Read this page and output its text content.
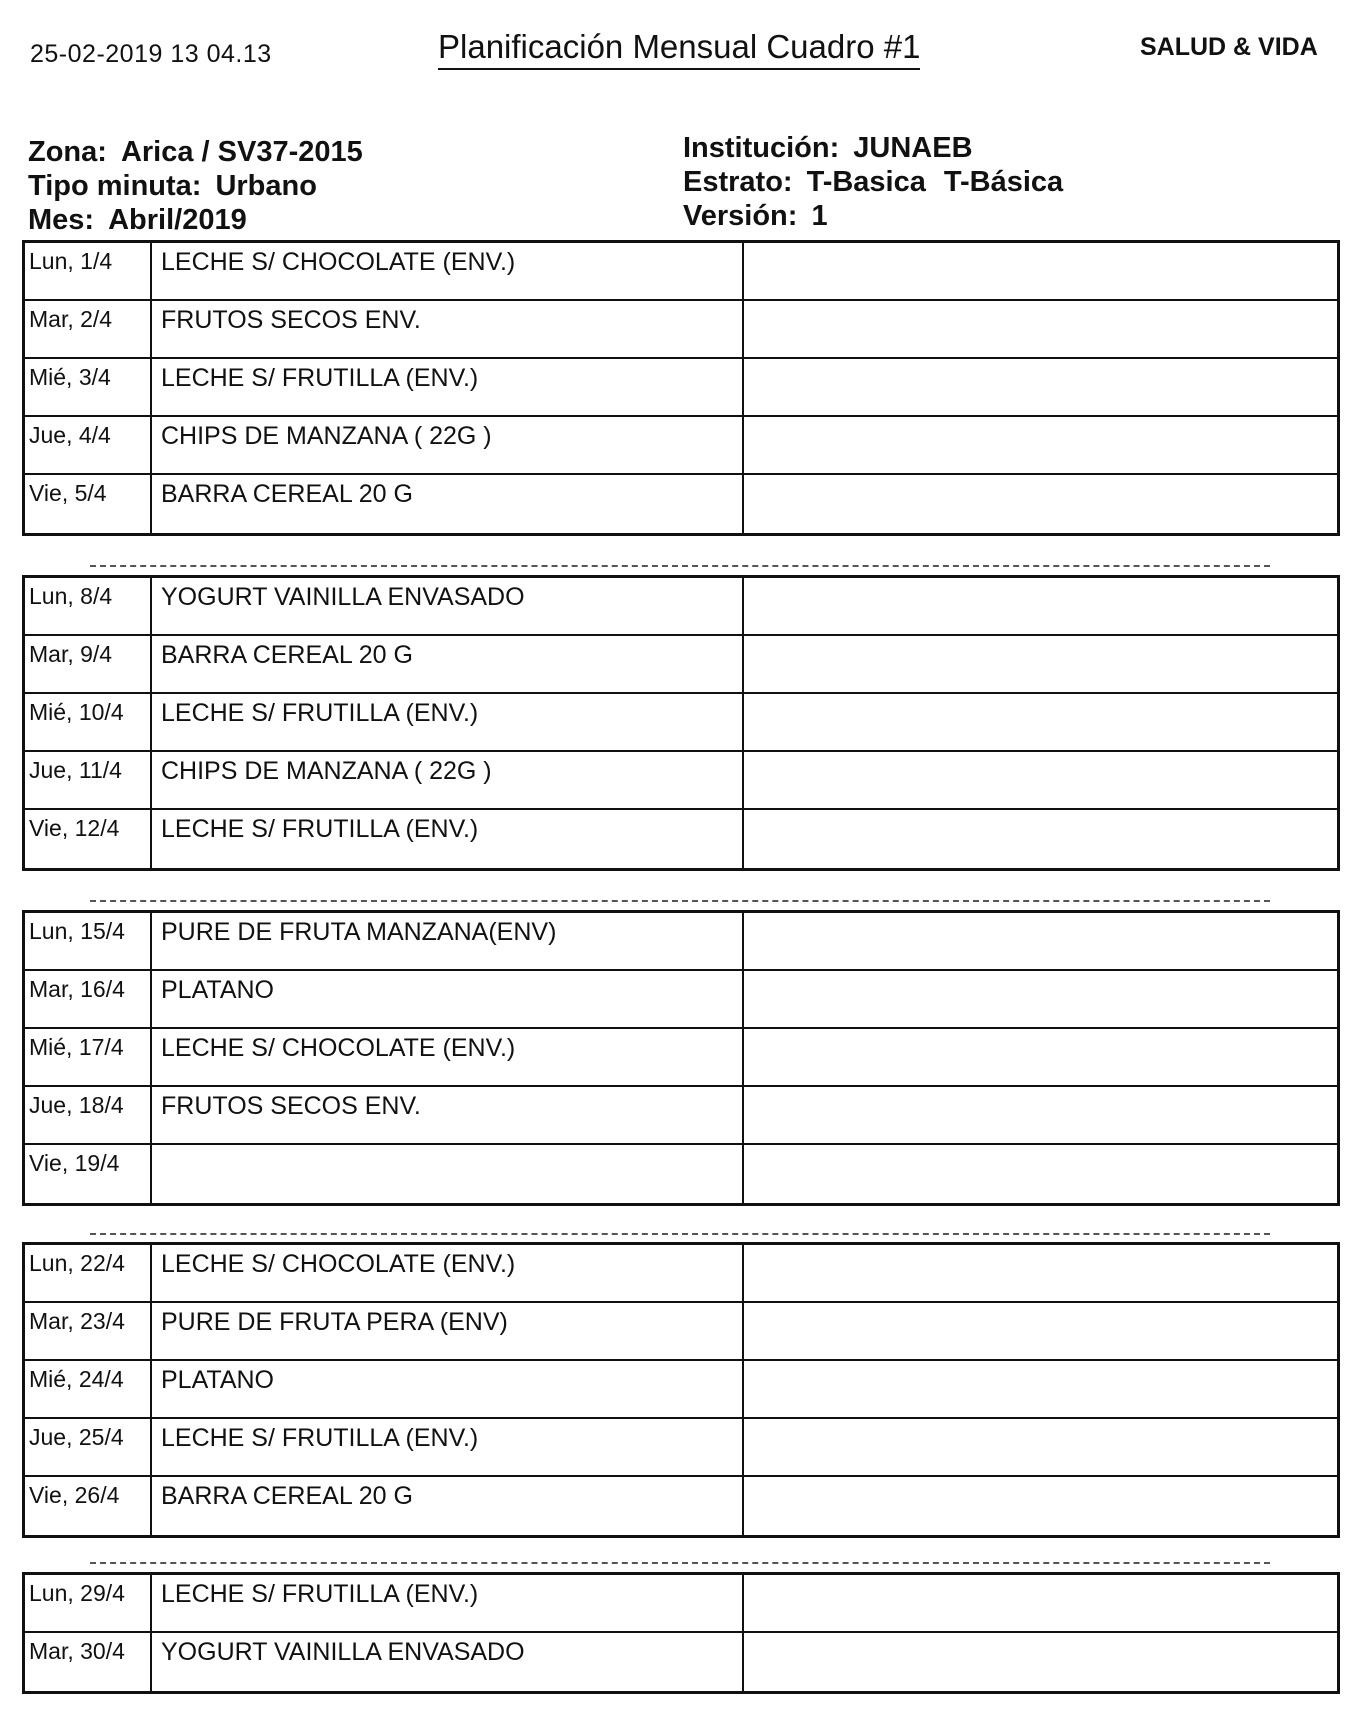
25-02-2019 13 04.13	Planificación Mensual Cuadro #1	SALUD & VIDA
Zona: Arica / SV37-2015
Tipo minuta: Urbano
Mes: Abril/2019
Institución: JUNAEB
Estrato: T-Basica T-Básica
Versión: 1
Lun, 1/4	LECHE S/ CHOCOLATE (ENV.)
Mar, 2/4	FRUTOS SECOS ENV.
Mié, 3/4	LECHE S/ FRUTILLA (ENV.)
Jue, 4/4	CHIPS DE MANZANA ( 22G )
Vie, 5/4	BARRA CEREAL 20 G
Lun, 8/4	YOGURT VAINILLA ENVASADO
Mar, 9/4	BARRA CEREAL 20 G
Mié, 10/4	LECHE S/ FRUTILLA (ENV.)
Jue, 11/4	CHIPS DE MANZANA ( 22G )
Vie, 12/4	LECHE S/ FRUTILLA (ENV.)
Lun, 15/4	PURE DE FRUTA MANZANA(ENV)
Mar, 16/4	PLATANO
Mié, 17/4	LECHE S/ CHOCOLATE (ENV.)
Jue, 18/4	FRUTOS SECOS ENV.
Vie, 19/4
Lun, 22/4	LECHE S/ CHOCOLATE (ENV.)
Mar, 23/4	PURE DE FRUTA PERA (ENV)
Mié, 24/4	PLATANO
Jue, 25/4	LECHE S/ FRUTILLA (ENV.)
Vie, 26/4	BARRA CEREAL 20 G
Lun, 29/4	LECHE S/ FRUTILLA (ENV.)
Mar, 30/4	YOGURT VAINILLA ENVASADO
